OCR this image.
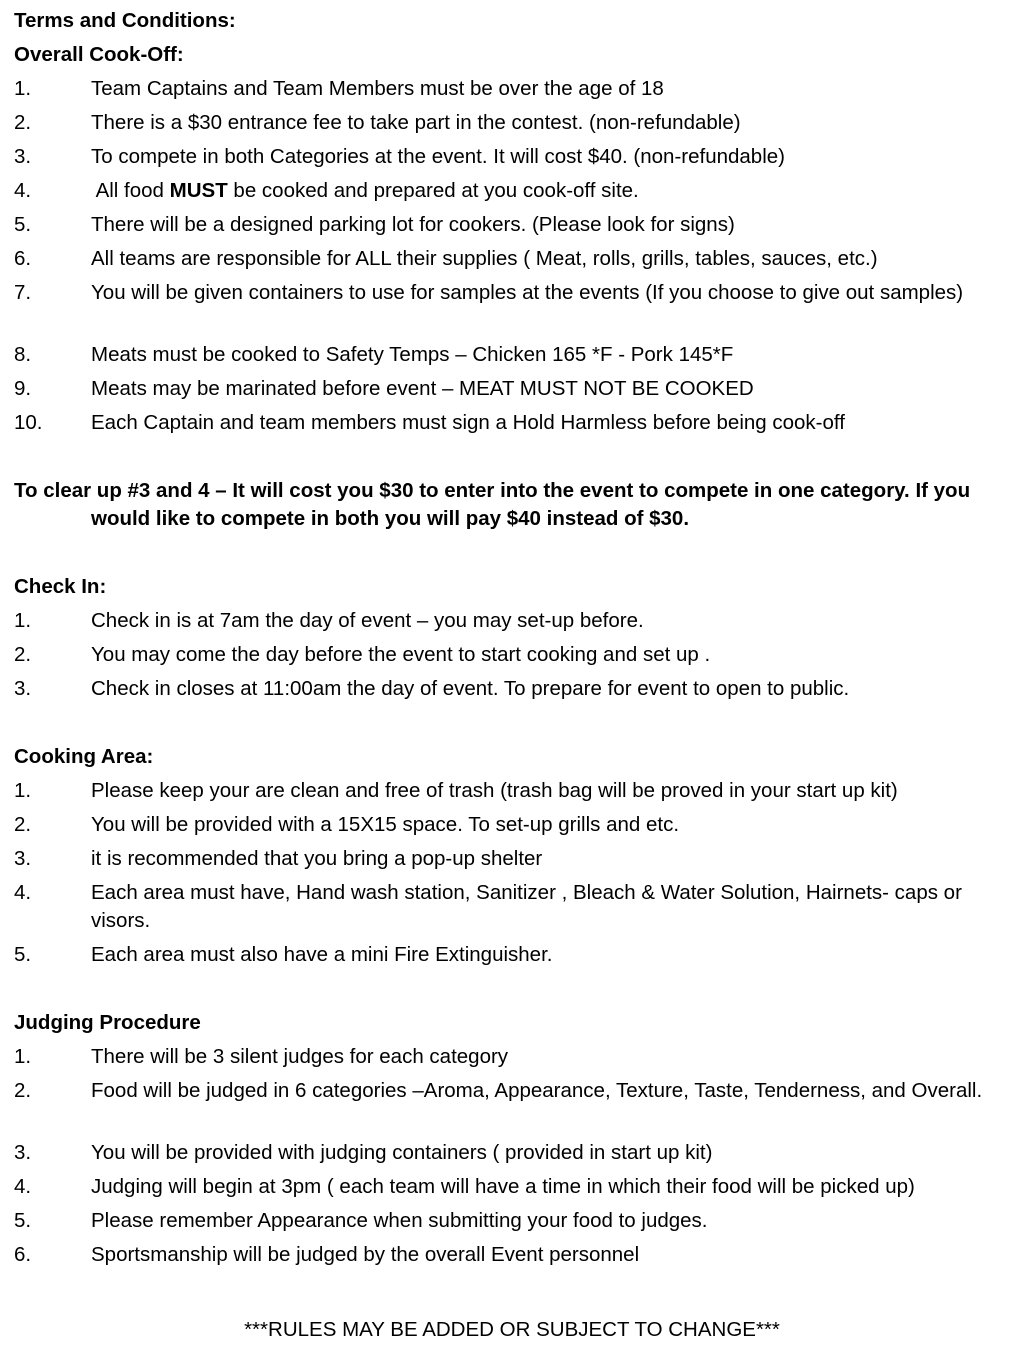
Terms and Conditions:
Overall Cook-Off:
1.	Team Captains and Team Members must be over the age of 18
2.	There is a $30 entrance fee to take part in the contest. (non-refundable)
3.	To compete in both Categories at the event. It will cost $40. (non-refundable)
4.	All food MUST be cooked and prepared at you cook-off site.
5.	There will be a designed parking lot for cookers. (Please look for signs)
6.	All teams are responsible for ALL their supplies ( Meat, rolls, grills, tables, sauces, etc.)
7.	You will be given containers to use for samples at the events (If you choose to give out samples)
8.	Meats must be cooked to Safety Temps – Chicken 165 *F - Pork 145*F
9.	Meats may be marinated before event – MEAT MUST NOT BE COOKED
10.	Each Captain and team members must sign a Hold Harmless before being cook-off
To clear up #3 and 4 – It will cost you $30 to enter into the event to compete in one category. If you would like to compete in both you will pay $40 instead of $30.
Check In:
1.	Check in is at 7am the day of event – you may set-up before.
2.	You may come the day before the event to start cooking and set up .
3.	Check in closes at 11:00am the day of event. To prepare for event to open to public.
Cooking Area:
1.	Please keep your are clean and free of trash (trash bag will be proved in your start up kit)
2.	You will be provided with a 15X15 space. To set-up grills and etc.
3.	it is recommended that you bring a pop-up shelter
4.	Each area must have, Hand wash station, Sanitizer , Bleach & Water Solution, Hairnets- caps or visors.
5.	Each area must also have a mini Fire Extinguisher.
Judging Procedure
1.	There will be 3 silent judges for each category
2.	Food will be judged in 6 categories –Aroma, Appearance, Texture, Taste, Tenderness, and Overall.
3.	You will be provided with judging containers ( provided in start up kit)
4.	Judging will begin at 3pm ( each team will have a time in which their food will be picked up)
5.	Please remember Appearance when submitting your food to judges.
6.	Sportsmanship will be judged by the overall Event personnel
***RULES MAY BE ADDED OR SUBJECT TO CHANGE***
